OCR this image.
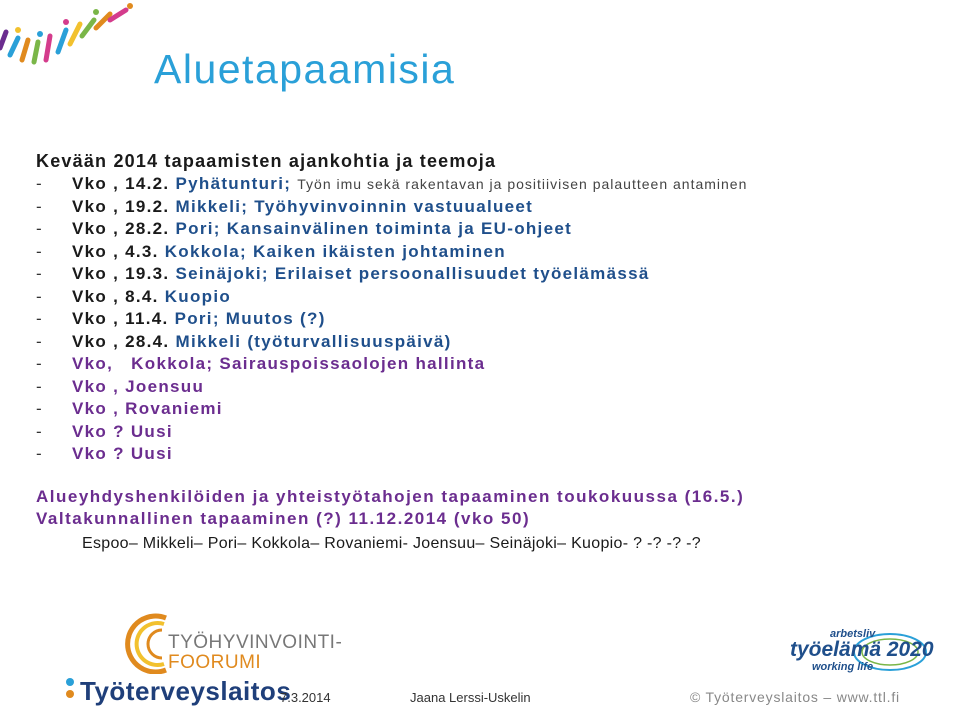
Aluetapaamisia
Kevään 2014 tapaamisten ajankohtia ja teemoja
-	Vko , 14.2.
Pyhätunturi;
Työn imu sekä rakentavan ja positiivisen palautteen antaminen
-	Vko , 19.2.
Mikkeli; Työhyvinvoinnin vastuualueet
-	Vko , 28.2.
Pori; Kansainvälinen toiminta ja EU-ohjeet
-	Vko , 4.3.
Kokkola; Kaiken ikäisten johtaminen
-	Vko , 19.3.
Seinäjoki; Erilaiset persoonallisuudet työelämässä
-	Vko , 8.4.
Kuopio
-	Vko , 11.4.
Pori; Muutos (?)
-	Vko , 28.4.
Mikkeli (työturvallisuuspäivä)
-	Vko,
Kokkola; Sairauspoissaolojen hallinta
-	Vko ,
Joensuu
-	Vko ,
Rovaniemi
-	Vko ? Uusi
-	Vko ? Uusi
Alueyhdyshenkilöiden ja yhteistyötahojen tapaaminen toukokuussa (16.5.)
Valtakunnallinen tapaaminen (?) 11.12.2014 (vko 50)
Espoo– Mikkeli– Pori– Kokkola– Rovaniemi- Joensuu– Seinäjoki– Kuopio- ? -? -? -?
TYÖHYVINVOINTI-
FOORUMI
Työterveyslaitos
7.3.2014	Jaana Lerssi-Uskelin	© Työterveyslaitos – www.ttl.fi
arbetsliv
työelämä 2020
working life
